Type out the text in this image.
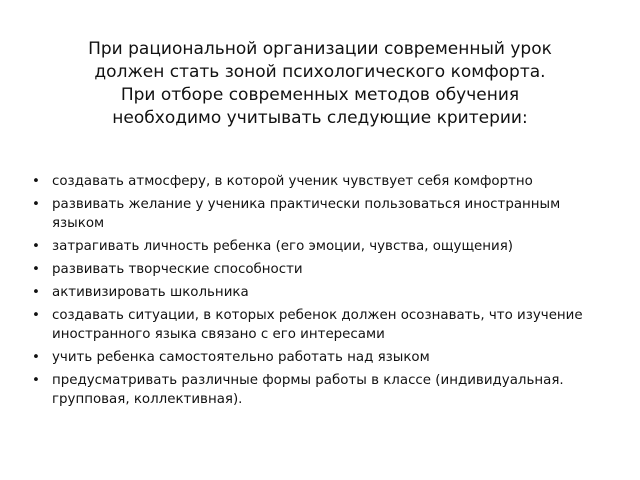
При рациональной организации современный урок
должен стать зоной психологического комфорта.
При отборе современных методов обучения
необходимо учитывать следующие критерии:
• создавать атмосферу, в которой ученик чувствует себя комфортно
• развивать желание у ученика практически пользоваться иностранным языком
• затрагивать личность ребенка (его эмоции, чувства, ощущения)
• развивать творческие способности
• активизировать школьника
• создавать ситуации, в которых ребенок должен осознавать, что изучение иностранного языка связано с его интересами
• учить ребенка самостоятельно работать над языком
• предусматривать различные формы работы в классе (индивидуальная. групповая, коллективная).
